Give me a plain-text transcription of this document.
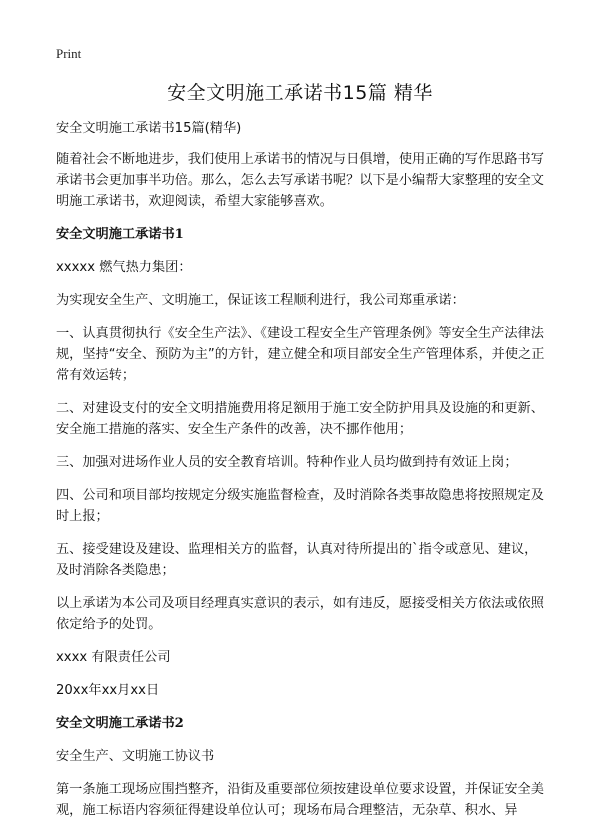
Print
安全文明施工承诺书15篇 精华

安全文明施工承诺书15篇(精华)

随着社会不断地进步，我们使用上承诺书的情况与日俱增，使用正确的写作思路书写承诺书会更加事半功倍。那么，怎么去写承诺书呢？以下是小编帮大家整理的安全文明施工承诺书，欢迎阅读，希望大家能够喜欢。

安全文明施工承诺书1

xxxxx 燃气热力集团：

为实现安全生产、文明施工，保证该工程顺利进行，我公司郑重承诺：

一、认真贯彻执行《安全生产法》、《建设工程安全生产管理条例》等安全生产法律法规，坚持“安全、预防为主”的方针，建立健全和项目部安全生产管理体系，并使之正常有效运转；

二、对建设支付的安全文明措施费用将足额用于施工安全防护用具及设施的和更新、安全施工措施的落实、安全生产条件的改善，决不挪作他用；

三、加强对进场作业人员的安全教育培训。特种作业人员均做到持有效证上岗；

四、公司和项目部均按规定分级实施监督检查，及时消除各类事故隐患将按照规定及时上报；

五、接受建设及建设、监理相关方的监督，认真对待所提出的`指令或意见、建议，及时消除各类隐患；

以上承诺为本公司及项目经理真实意识的表示，如有违反，愿接受相关方依法或依照依定给予的处罚。

xxxx 有限责任公司

20xx年xx月xx日

安全文明施工承诺书2

安全生产、文明施工协议书

第一条施工现场应围挡整齐，沿街及重要部位须按建设单位要求设置，并保证安全美观，施工标语内容须征得建设单位认可；现场布局合理整洁，无杂草、积水、异
